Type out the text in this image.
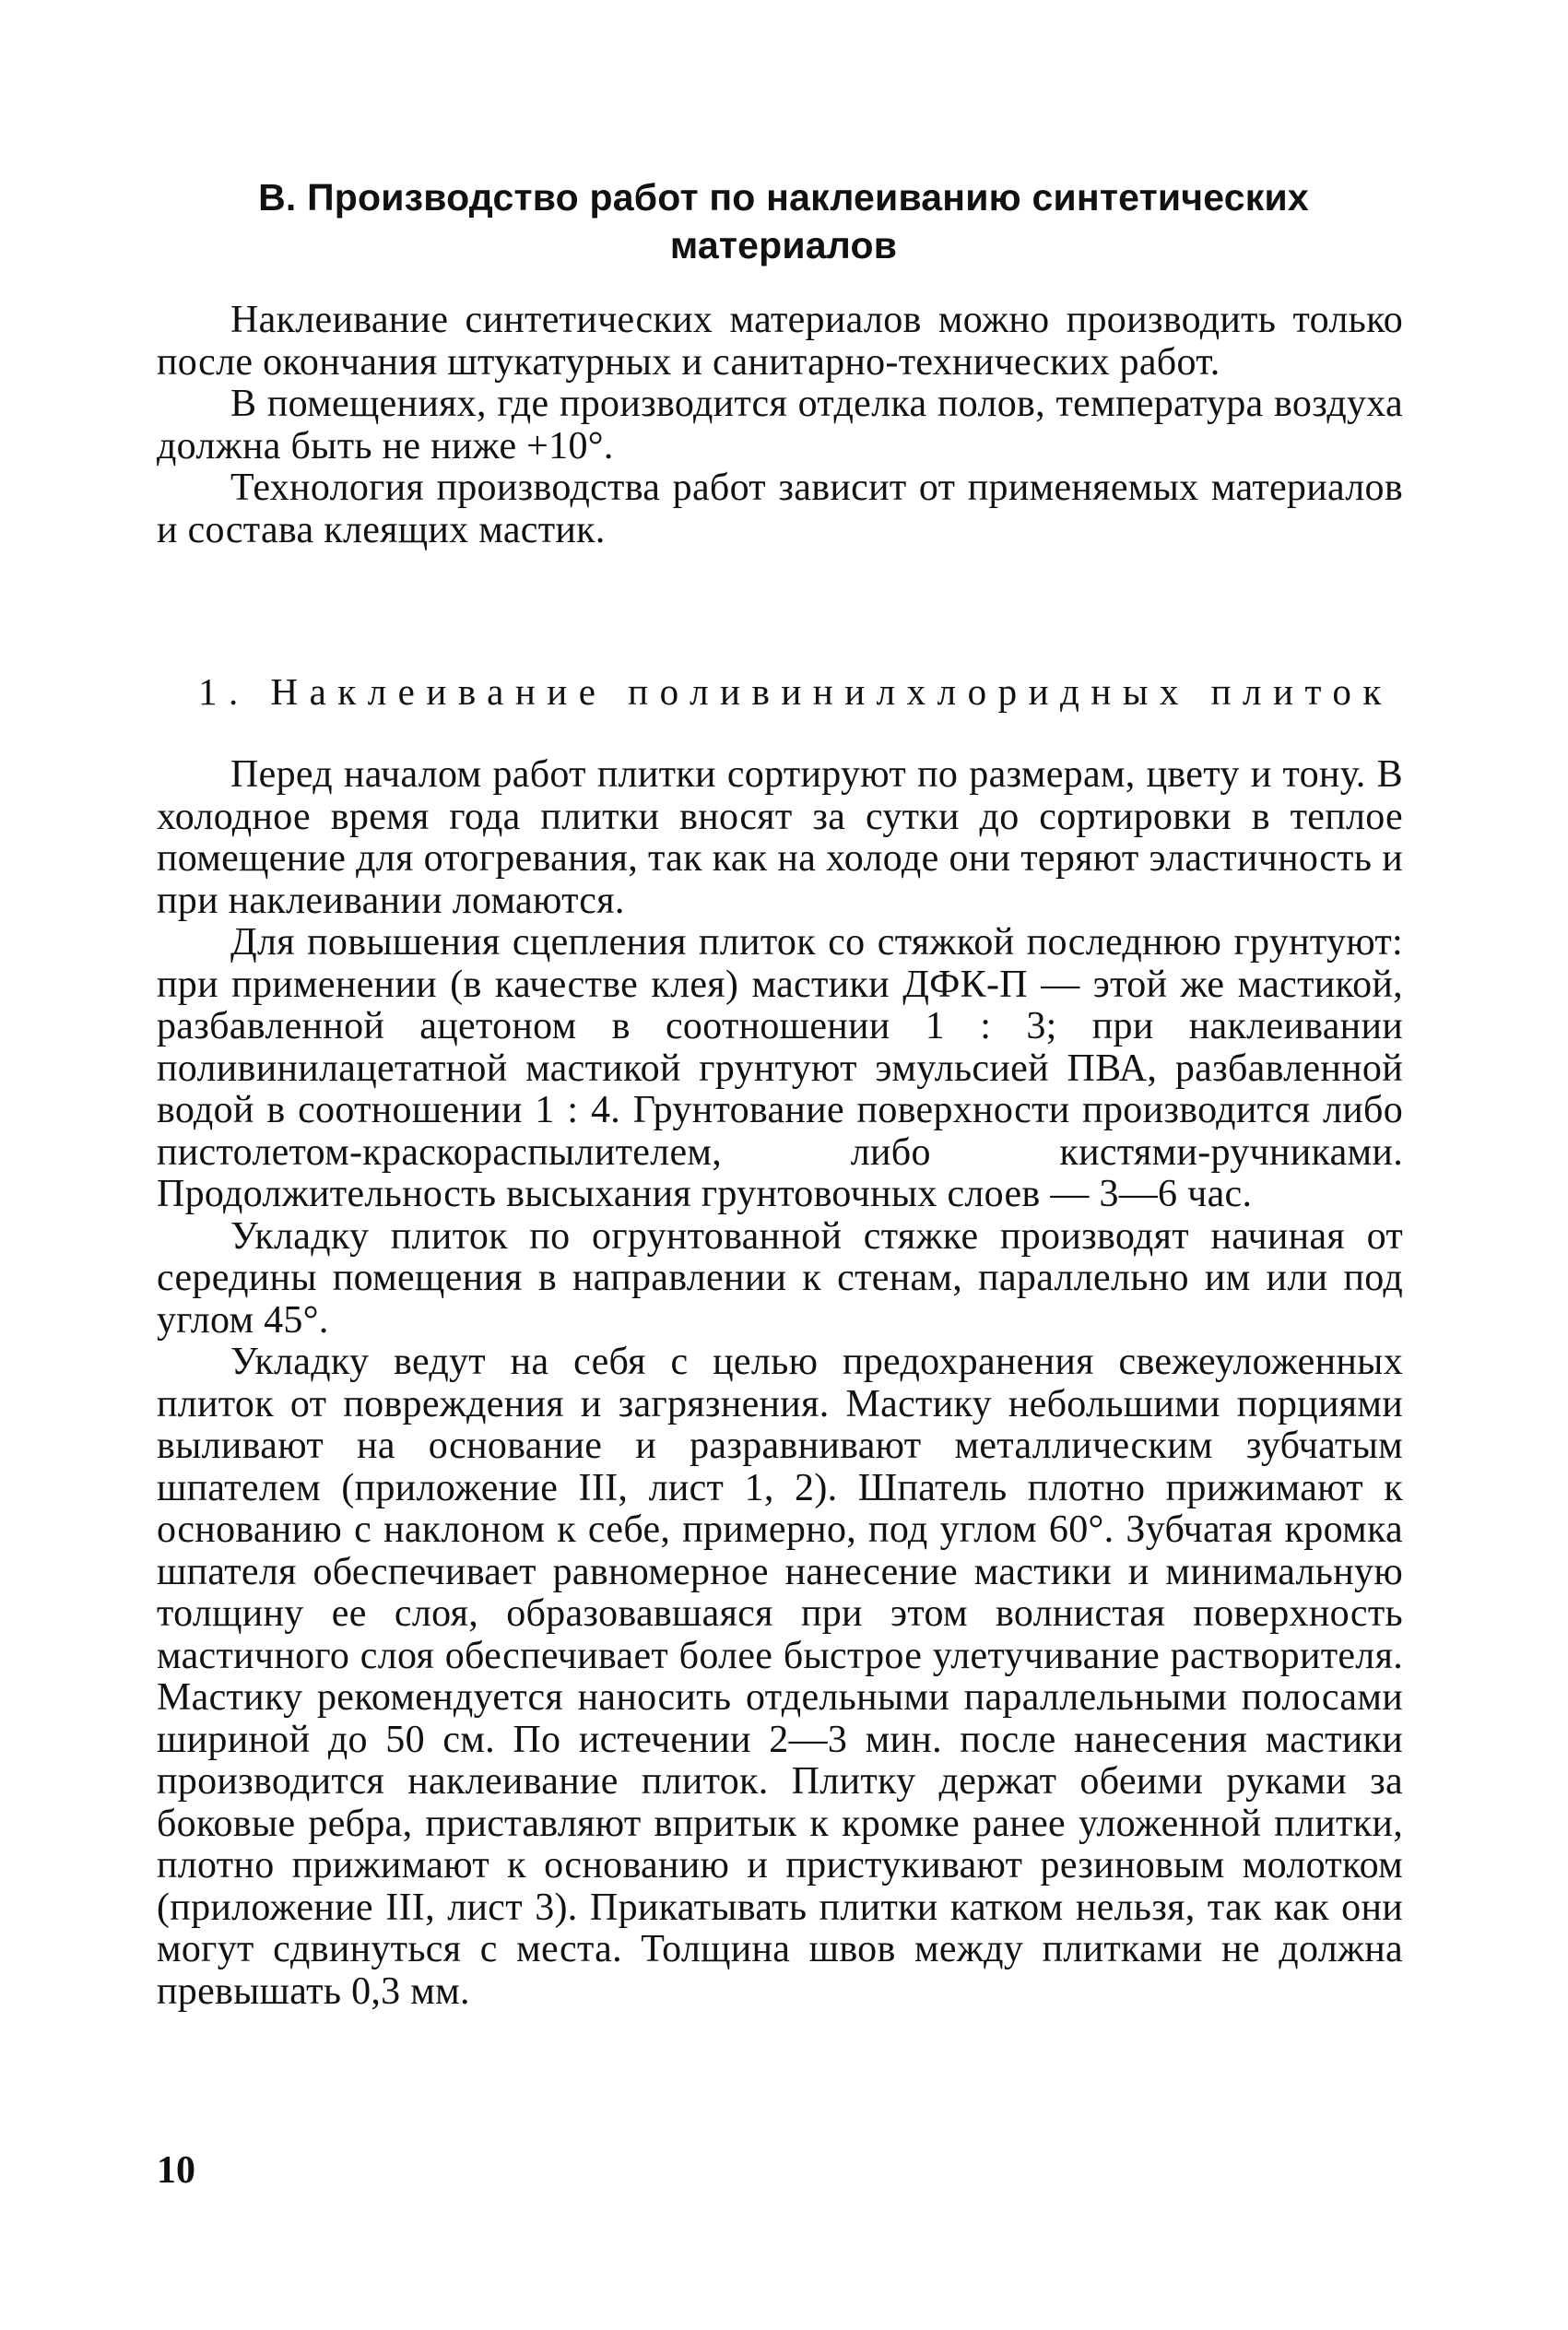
В. Производство работ по наклеиванию синтетических
материалов

Наклеивание синтетических материалов можно производить только после окончания штукатурных и санитарно-технических работ.

В помещениях, где производится отделка полов, температура воздуха должна быть не ниже +10°.

Технология производства работ зависит от применяемых материалов и состава клеящих мастик.

1. Наклеивание поливинилхлоридных плиток

Перед началом работ плитки сортируют по размерам, цвету и тону. В холодное время года плитки вносят за сутки до сортировки в теплое помещение для отогревания, так как на холоде они теряют эластичность и при наклеивании ломаются.

Для повышения сцепления плиток со стяжкой последнюю грунтуют: при применении (в качестве клея) мастики ДФК-П — этой же мастикой, разбавленной ацетоном в соотношении 1 : 3; при наклеивании поливинилацетатной мастикой грунтуют эмульсией ПВА, разбавленной водой в соотношении 1 : 4. Грунтование поверхности производится либо пистолетом-краскораспылителем, либо кистями-ручниками. Продолжительность высыхания грунтовочных слоев — 3—6 час.

Укладку плиток по огрунтованной стяжке производят начиная от середины помещения в направлении к стенам, параллельно им или под углом 45°.

Укладку ведут на себя с целью предохранения свежеуложенных плиток от повреждения и загрязнения. Мастику небольшими порциями выливают на основание и разравнивают металлическим зубчатым шпателем (приложение III, лист 1, 2). Шпатель плотно прижимают к основанию с наклоном к себе, примерно, под углом 60°. Зубчатая кромка шпателя обеспечивает равномерное нанесение мастики и минимальную толщину ее слоя, образовавшаяся при этом волнистая поверхность мастичного слоя обеспечивает более быстрое улетучивание растворителя. Мастику рекомендуется наносить отдельными параллельными полосами шириной до 50 см. По истечении 2—3 мин. после нанесения мастики производится наклеивание плиток. Плитку держат обеими руками за боковые ребра, приставляют впритык к кромке ранее уложенной плитки, плотно прижимают к основанию и пристукивают резиновым молотком (приложение III, лист 3). Прикатывать плитки катком нельзя, так как они могут сдвинуться с места. Толщина швов между плитками не должна превышать 0,3 мм.

10
